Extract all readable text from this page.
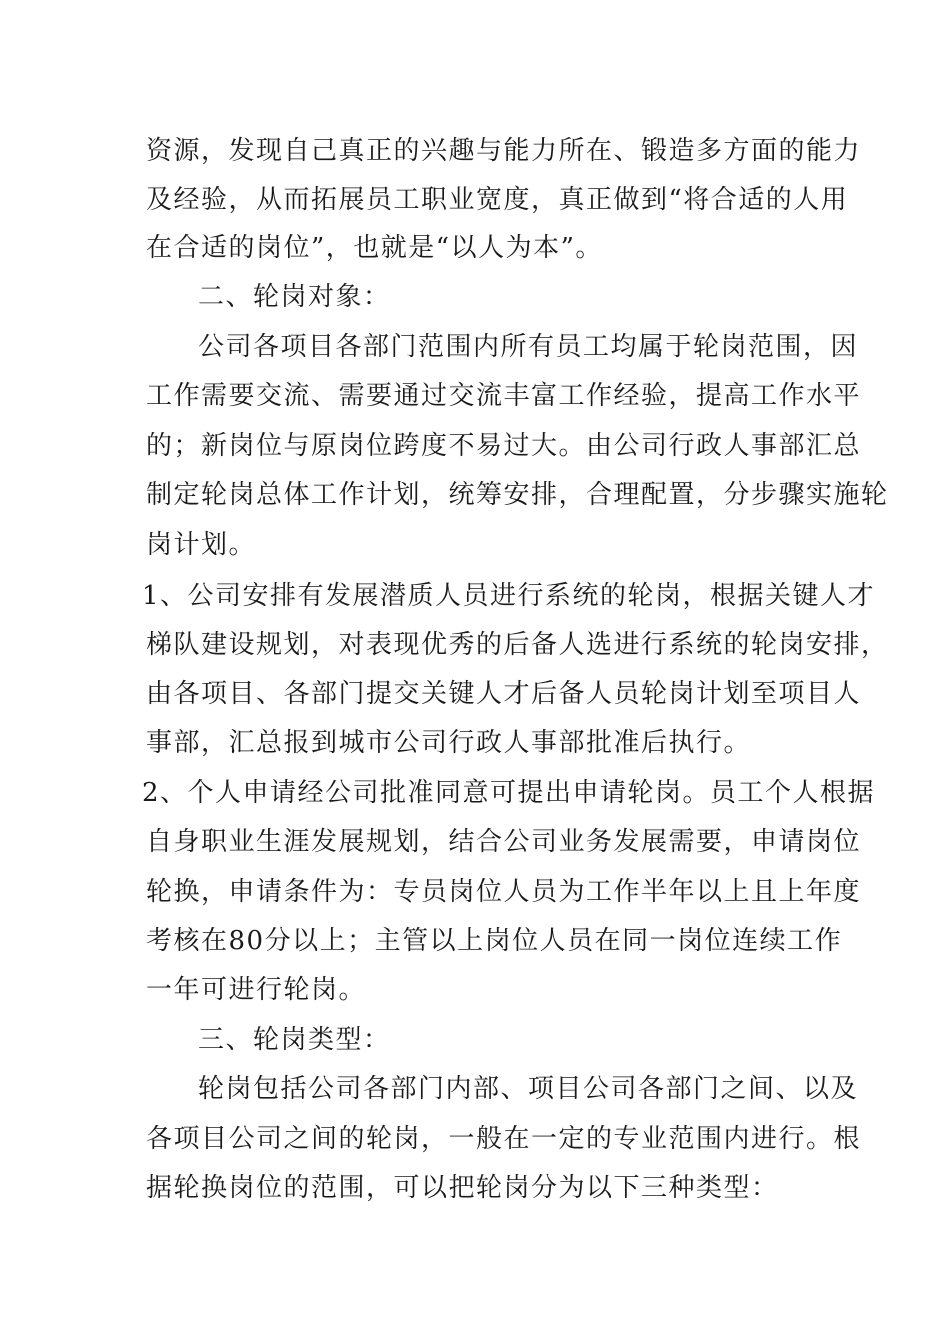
资源，发现自己真正的兴趣与能力所在、锻造多方面的能力
及经验，从而拓展员工职业宽度，真正做到“将合适的人用
在合适的岗位”，也就是“以人为本”。
二、轮岗对象：
公司各项目各部门范围内所有员工均属于轮岗范围，因
工作需要交流、需要通过交流丰富工作经验，提高工作水平
的；新岗位与原岗位跨度不易过大。由公司行政人事部汇总
制定轮岗总体工作计划，统筹安排，合理配置，分步骤实施轮
岗计划。
1、公司安排有发展潜质人员进行系统的轮岗，根据关键人才
梯队建设规划，对表现优秀的后备人选进行系统的轮岗安排，
由各项目、各部门提交关键人才后备人员轮岗计划至项目人
事部，汇总报到城市公司行政人事部批准后执行。
2、个人申请经公司批准同意可提出申请轮岗。员工个人根据
自身职业生涯发展规划，结合公司业务发展需要，申请岗位
轮换，申请条件为：专员岗位人员为工作半年以上且上年度
考核在80分以上；主管以上岗位人员在同一岗位连续工作
一年可进行轮岗。
三、轮岗类型：
轮岗包括公司各部门内部、项目公司各部门之间、以及
各项目公司之间的轮岗，一般在一定的专业范围内进行。根
据轮换岗位的范围，可以把轮岗分为以下三种类型：
